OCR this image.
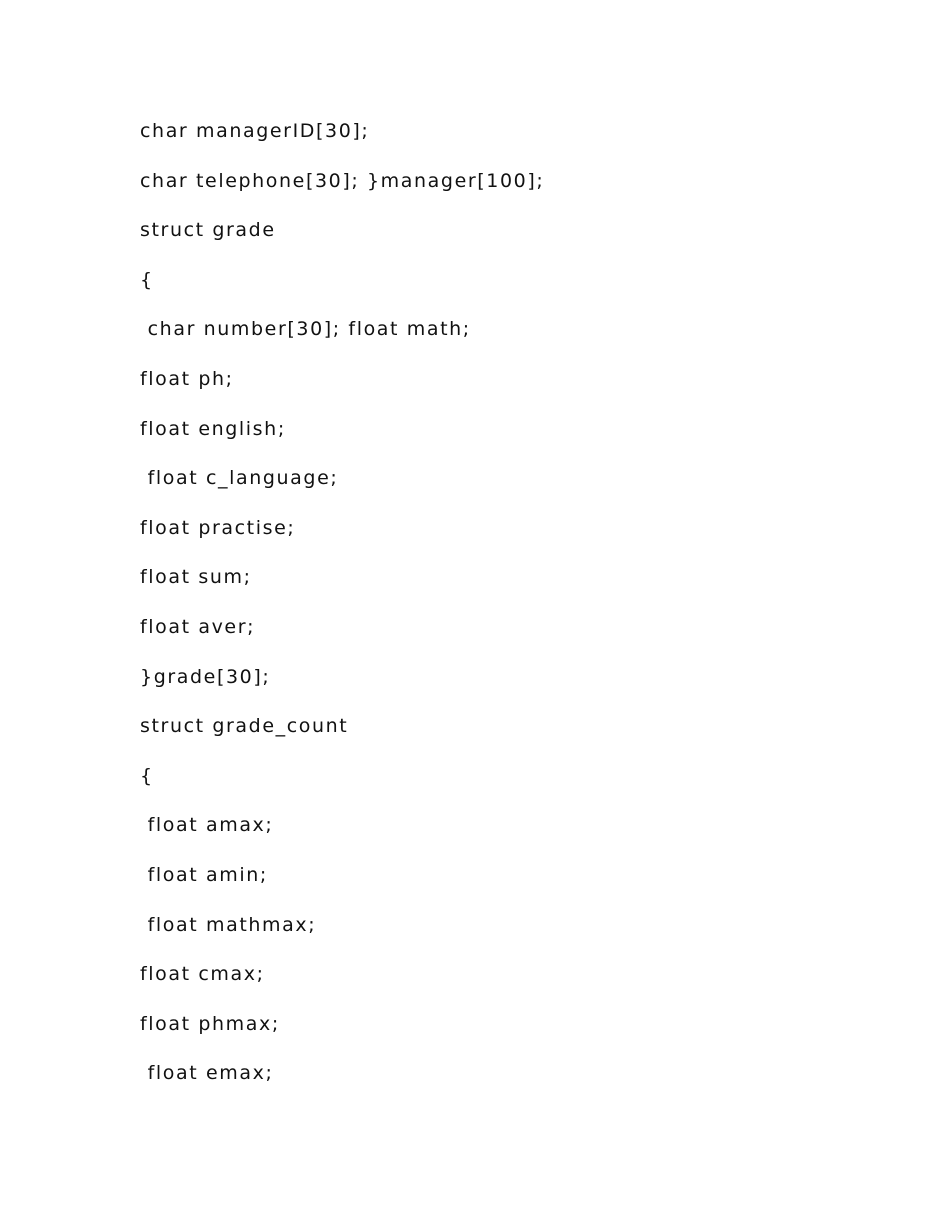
char managerID[30];
char telephone[30]; }manager[100];
struct grade
{
char number[30]; float math;
float ph;
float english;
float c_language;
float practise;
float sum;
float aver;
}grade[30];
struct grade_count
{
float amax;
float amin;
float mathmax;
float cmax;
float phmax;
float emax;
